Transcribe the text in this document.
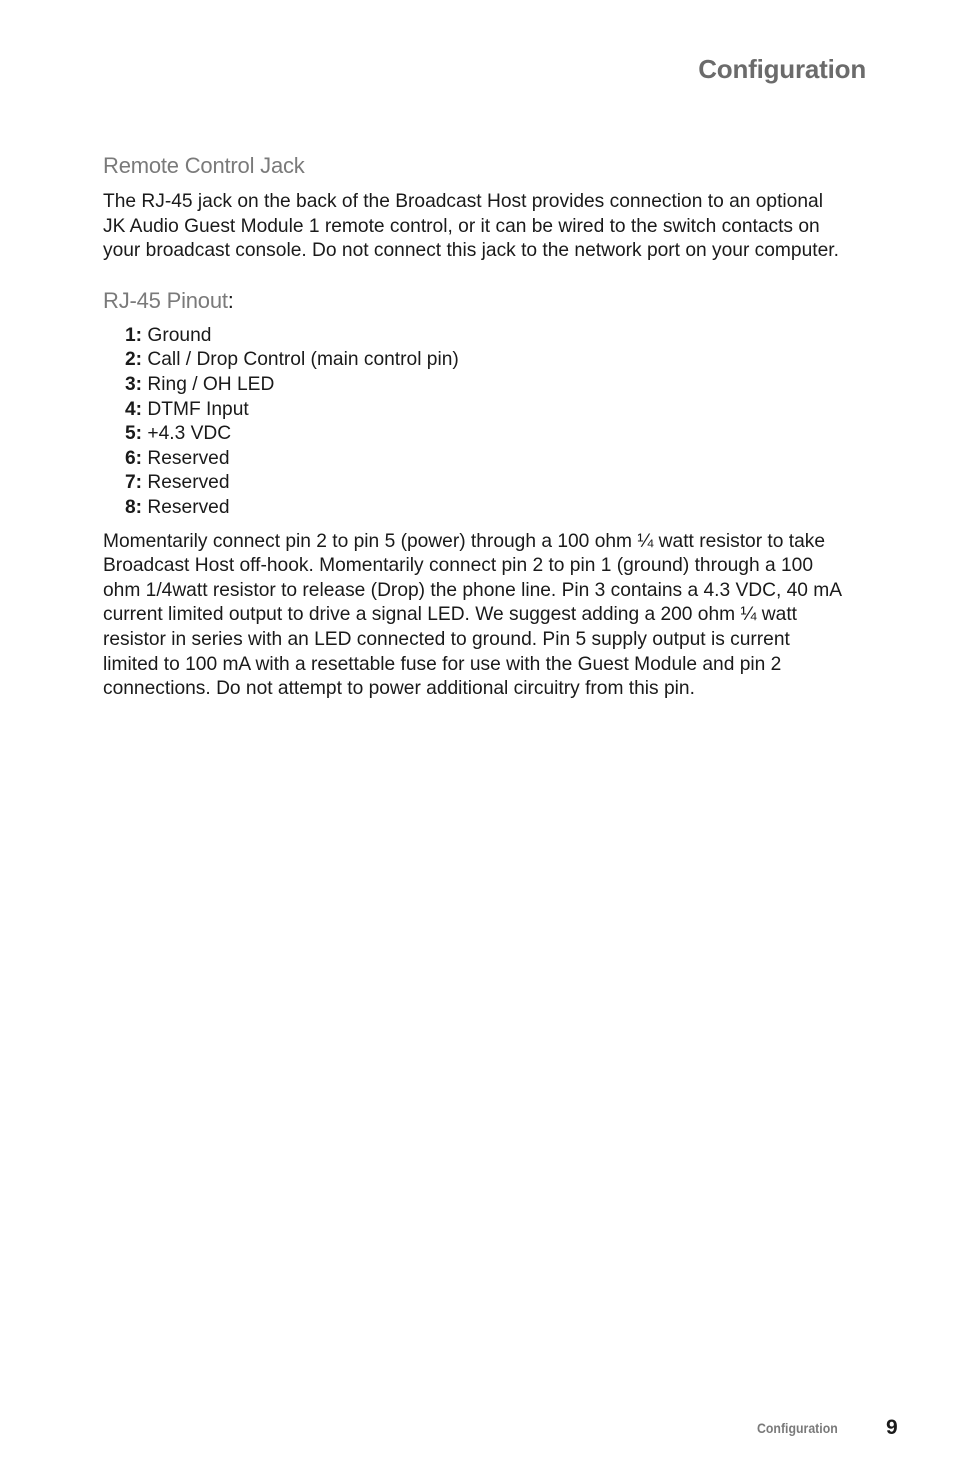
Configuration
Remote Control Jack

The RJ-45 jack on the back of the Broadcast Host provides connection to an optional JK Audio Guest Module 1 remote control, or it can be wired to the switch contacts on your broadcast console. Do not connect this jack to the network port on your computer.

RJ-45 Pinout:
1: Ground
2: Call / Drop Control (main control pin)
3: Ring / OH LED
4: DTMF Input
5: +4.3 VDC
6: Reserved
7: Reserved
8: Reserved

Momentarily connect pin 2 to pin 5 (power) through a 100 ohm ¼ watt resistor to take Broadcast Host off-hook. Momentarily connect pin 2 to pin 1 (ground) through a 100 ohm 1/4watt resistor to release (Drop) the phone line. Pin 3 contains a 4.3 VDC, 40 mA current limited output to drive a signal LED. We suggest adding a 200 ohm ¼ watt resistor in series with an LED connected to ground. Pin 5 supply output is current limited to 100 mA with a resettable fuse for use with the Guest Module and pin 2 connections. Do not attempt to power additional circuitry from this pin.

Configuration 9
